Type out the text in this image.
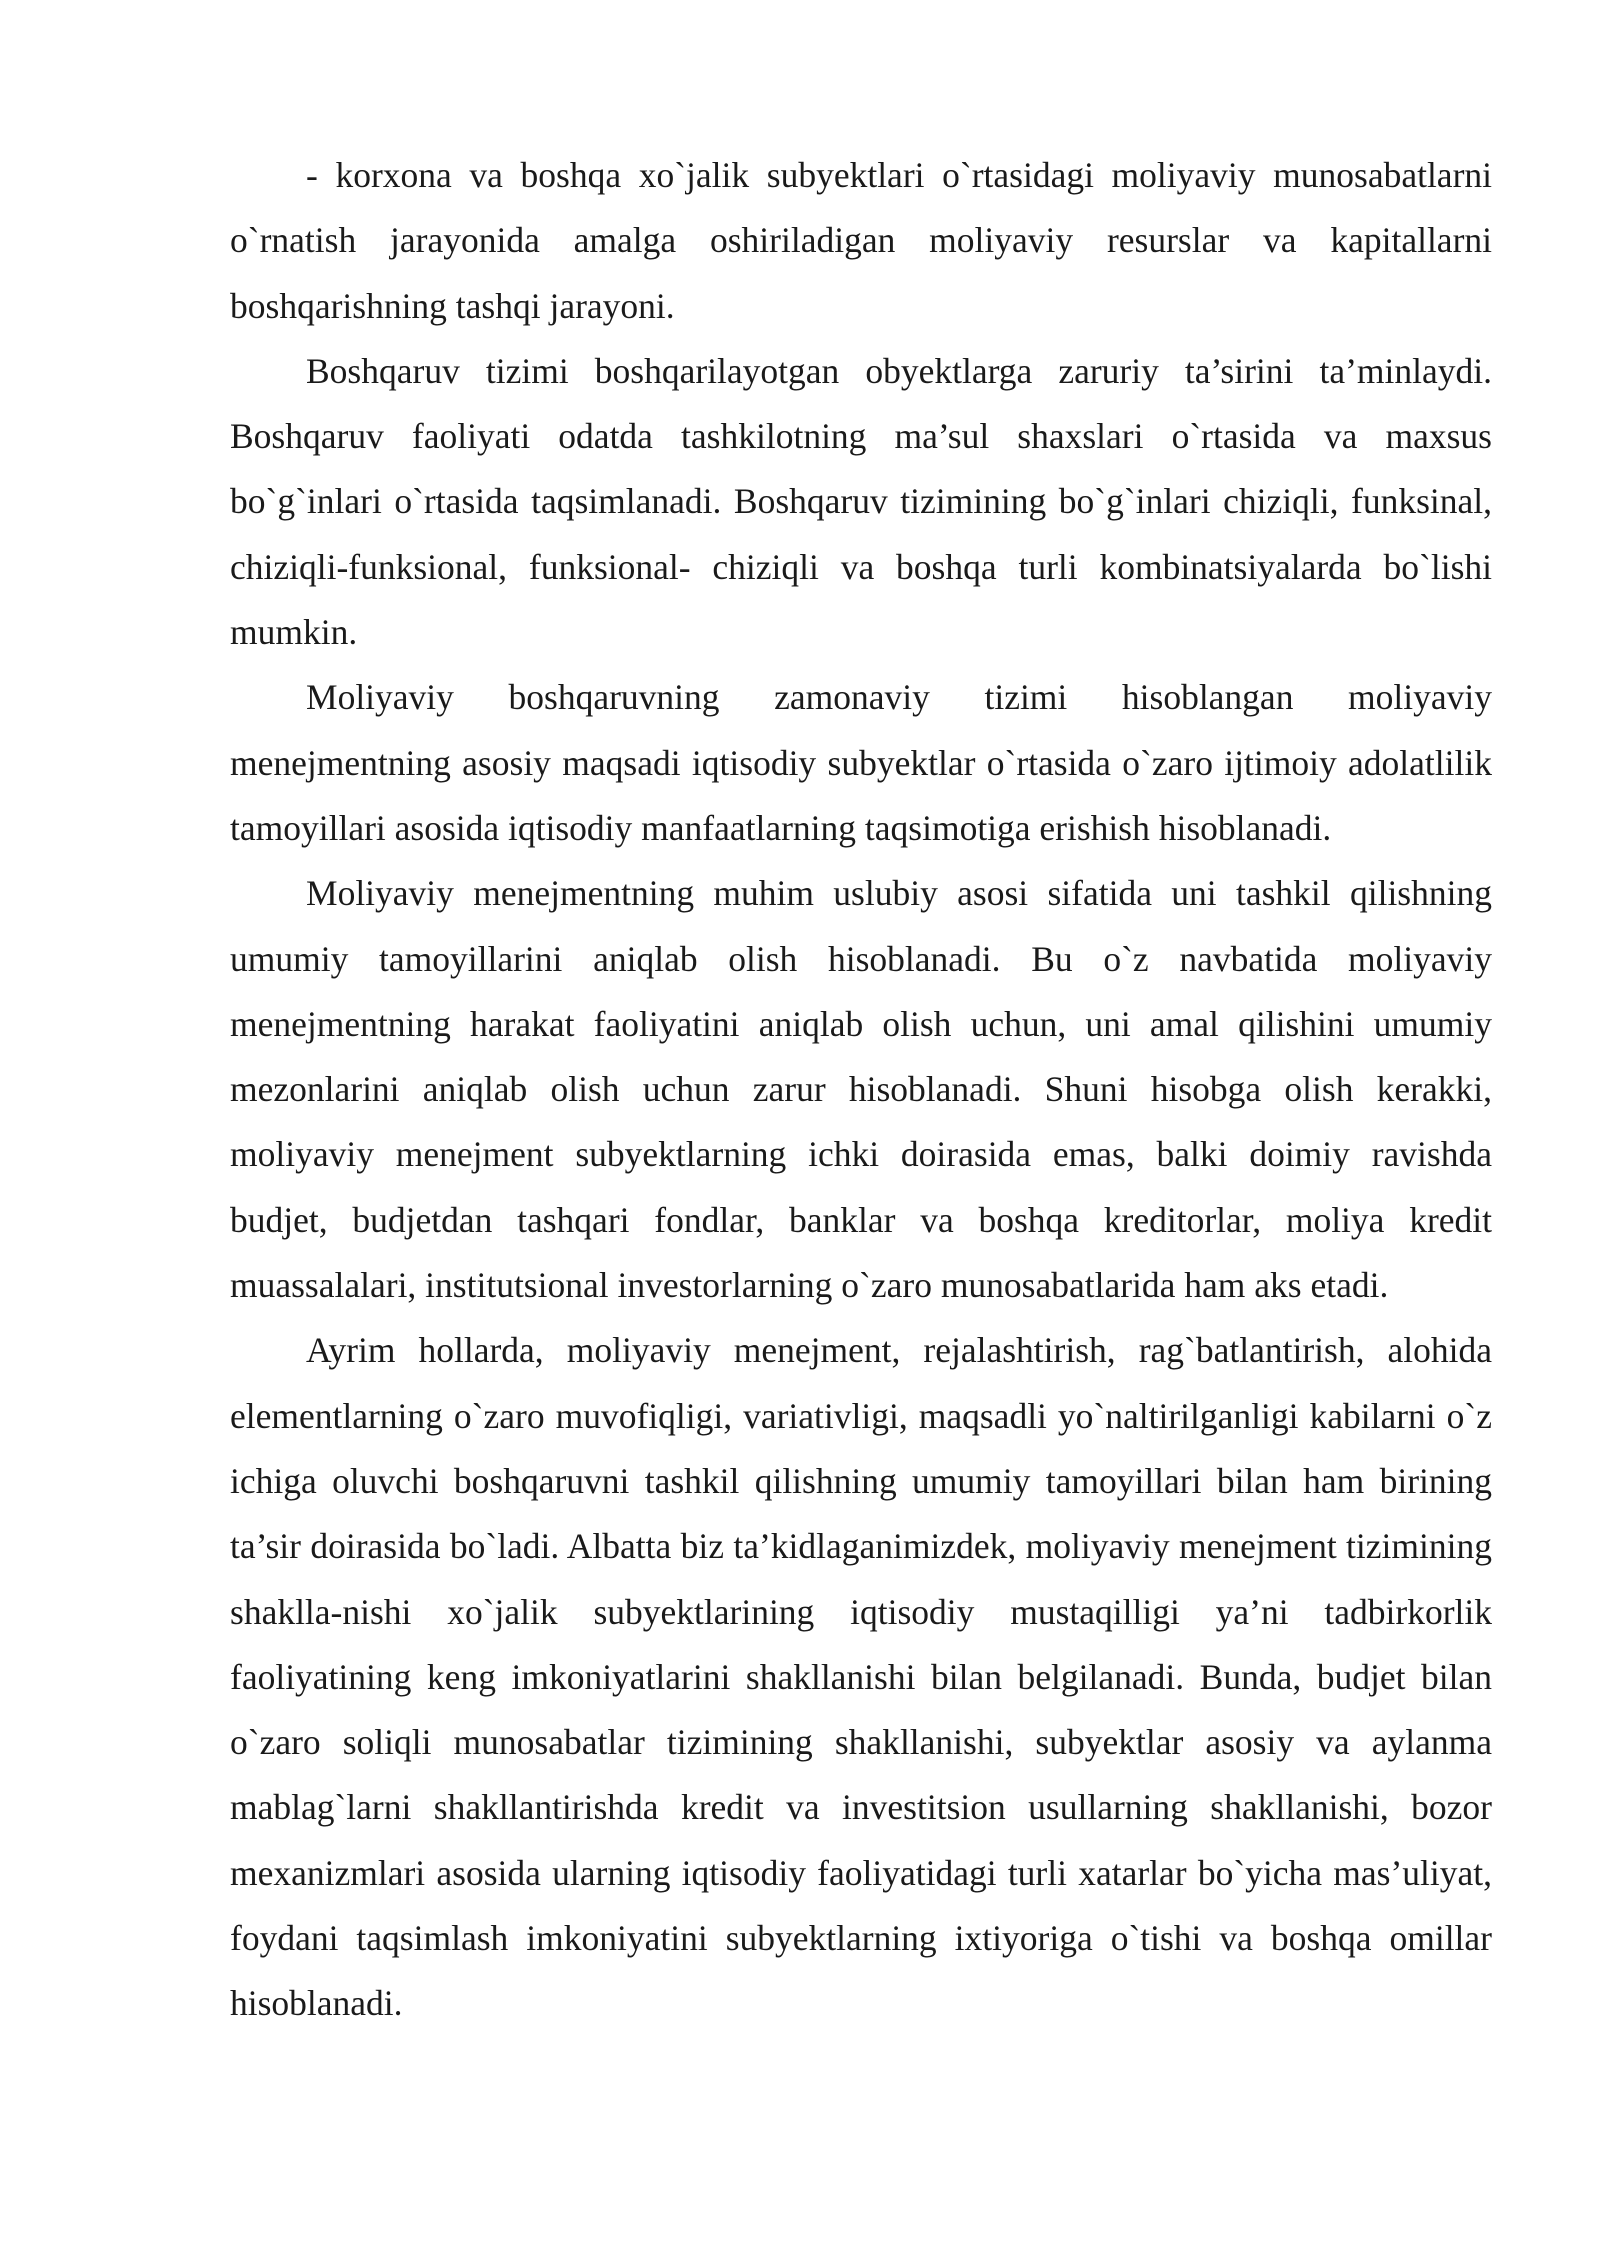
- korxona va boshqa xo`jalik subyektlari o`rtasidagi moliyaviy munosabatlarni o`rnatish jarayonida amalga oshiriladigan moliyaviy resurslar va kapitallarni boshqarishning tashqi jarayoni.

Boshqaruv tizimi boshqarilayotgan obyektlarga zaruriy ta’sirini ta’minlaydi. Boshqaruv faoliyati odatda tashkilotning ma’sul shaxslari o`rtasida va maxsus bo`g`inlari o`rtasida taqsimlanadi. Boshqaruv tizimining bo`g`inlari chiziqli, funksinal, chiziqli-funksional, funksional- chiziqli va boshqa turli kombinatsiyalarda bo`lishi mumkin.

Moliyaviy boshqaruvning zamonaviy tizimi hisoblangan moliyaviy menejmentning asosiy maqsadi iqtisodiy subyektlar o`rtasida o`zaro ijtimoiy adolatlilik tamoyillari asosida iqtisodiy manfaatlarning taqsimotiga erishish hisoblanadi.

Moliyaviy menejmentning muhim uslubiy asosi sifatida uni tashkil qilishning umumiy tamoyillarini aniqlab olish hisoblanadi. Bu o`z navbatida moliyaviy menejmentning harakat faoliyatini aniqlab olish uchun, uni amal qilishini umumiy mezonlarini aniqlab olish uchun zarur hisoblanadi. Shuni hisobga olish kerakki, moliyaviy menejment subyektlarning ichki doirasida emas, balki doimiy ravishda budjet, budjetdan tashqari fondlar, banklar va boshqa kreditorlar, moliya kredit muassalalari, institutsional investorlarning o`zaro munosabatlarida ham aks etadi.

Ayrim hollarda, moliyaviy menejment, rejalashtirish, rag`batlantirish, alohida elementlarning o`zaro muvofiqligi, variativligi, maqsadli yo`naltirilganligi kabilarni o`z ichiga oluvchi boshqaruvni tashkil qilishning umumiy tamoyillari bilan ham birining ta’sir doirasida bo`ladi. Albatta biz ta’kidlaganimizdek, moliyaviy menejment tizimining shaklla-nishi xo`jalik subyektlarining iqtisodiy mustaqilligi ya’ni tadbirkorlik faoliyatining keng imkoniyatlarini shakllanishi bilan belgilanadi. Bunda, budjet bilan o`zaro soliqli munosabatlar tizimining shakllanishi, subyektlar asosiy va aylanma mablag`larni shakllantirishda kredit va investitsion usullarning shakllanishi, bozor mexanizmlari asosida ularning iqtisodiy faoliyatidagi turli xatarlar bo`yicha mas’uliyat, foydani taqsimlash imkoniyatini subyektlarning ixtiyoriga o`tishi va boshqa omillar hisoblanadi.
